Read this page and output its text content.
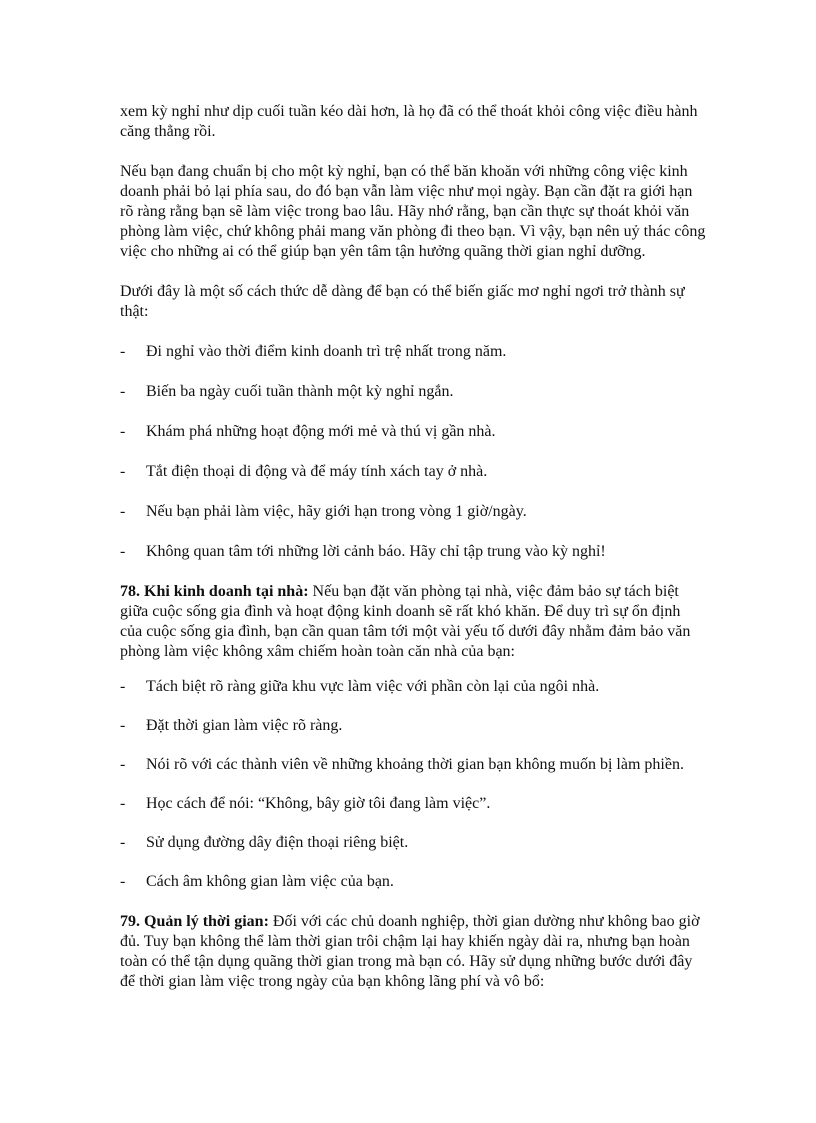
xem kỳ nghỉ như dịp cuối tuần kéo dài hơn, là họ đã có thể thoát khỏi công việc điều hành căng thẳng rồi.

Nếu bạn đang chuẩn bị cho một kỳ nghỉ, bạn có thể băn khoăn với những công việc kinh doanh phải bỏ lại phía sau, do đó bạn vẫn làm việc như mọi ngày. Bạn cần đặt ra giới hạn rõ ràng rằng bạn sẽ làm việc trong bao lâu. Hãy nhớ rằng, bạn cần thực sự thoát khỏi văn phòng làm việc, chứ không phải mang văn phòng đi theo bạn. Vì vậy, bạn nên uỷ thác công việc cho những ai có thể giúp bạn yên tâm tận hưởng quãng thời gian nghỉ dưỡng.

Dưới đây là một số cách thức dễ dàng để bạn có thể biến giấc mơ nghỉ ngơi trở thành sự thật:

- Đi nghỉ vào thời điểm kinh doanh trì trệ nhất trong năm.

- Biến ba ngày cuối tuần thành một kỳ nghỉ ngắn.

- Khám phá những hoạt động mới mẻ và thú vị gần nhà.

- Tắt điện thoại di động và để máy tính xách tay ở nhà.

- Nếu bạn phải làm việc, hãy giới hạn trong vòng 1 giờ/ngày.

- Không quan tâm tới những lời cảnh báo. Hãy chỉ tập trung vào kỳ nghỉ!

78. Khi kinh doanh tại nhà: Nếu bạn đặt văn phòng tại nhà, việc đảm bảo sự tách biệt giữa cuộc sống gia đình và hoạt động kinh doanh sẽ rất khó khăn. Để duy trì sự ổn định của cuộc sống gia đình, bạn cần quan tâm tới một vài yếu tố dưới đây nhằm đảm bảo văn phòng làm việc không xâm chiếm hoàn toàn căn nhà của bạn:

- Tách biệt rõ ràng giữa khu vực làm việc với phần còn lại của ngôi nhà.

- Đặt thời gian làm việc rõ ràng.

- Nói rõ với các thành viên về những khoảng thời gian bạn không muốn bị làm phiền.

- Học cách để nói: “Không, bây giờ tôi đang làm việc”.

- Sử dụng đường dây điện thoại riêng biệt.

- Cách âm không gian làm việc của bạn.

79. Quản lý thời gian: Đối với các chủ doanh nghiệp, thời gian dường như không bao giờ đủ. Tuy bạn không thể làm thời gian trôi chậm lại hay khiến ngày dài ra, nhưng bạn hoàn toàn có thể tận dụng quãng thời gian trong mà bạn có. Hãy sử dụng những bước dưới đây để thời gian làm việc trong ngày của bạn không lãng phí và vô bổ:
